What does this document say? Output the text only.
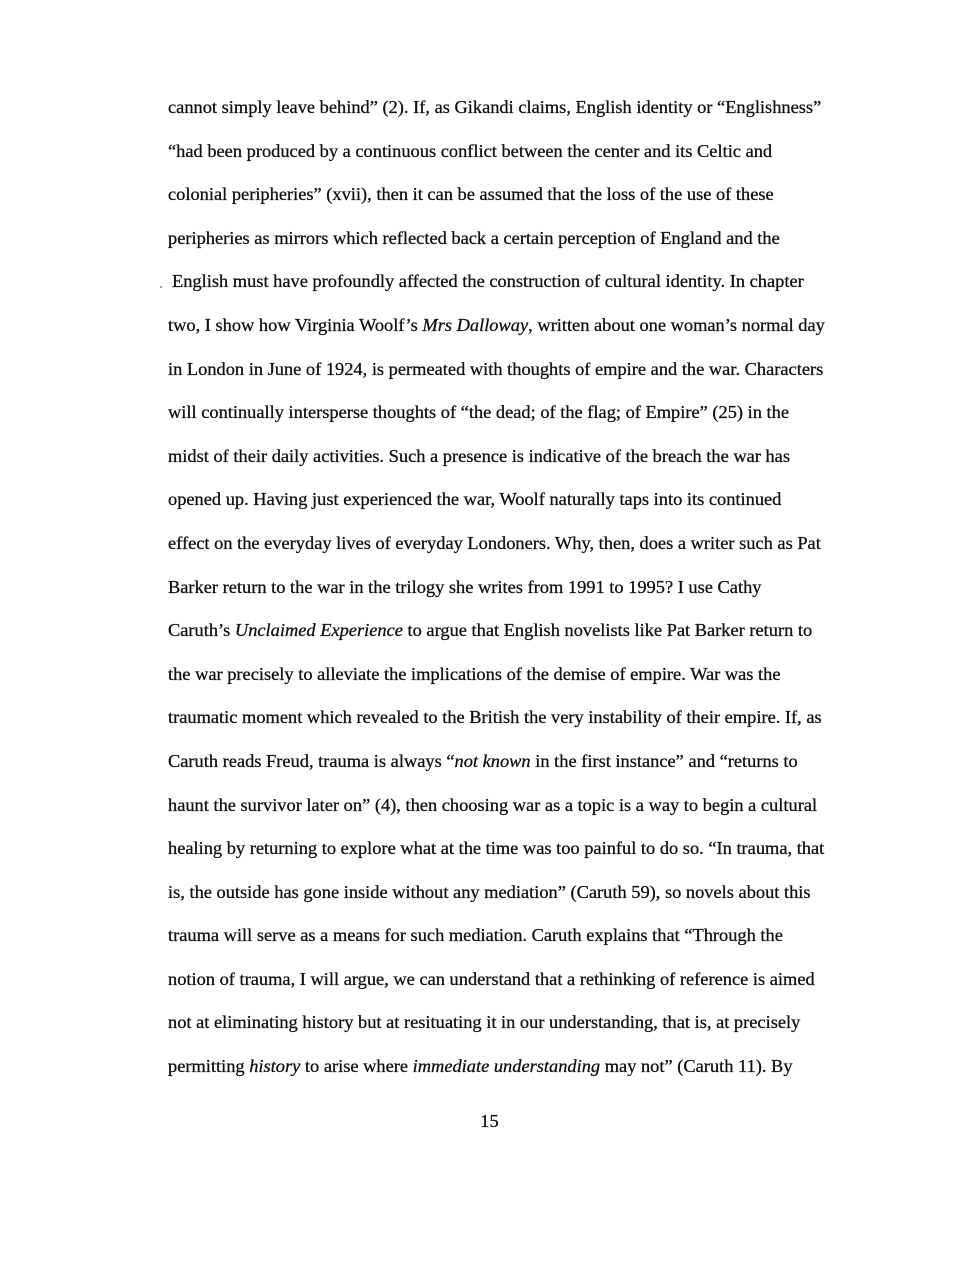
cannot simply leave behind” (2). If, as Gikandi claims, English identity or “Englishness”
“had been produced by a continuous conflict between the center and its Celtic and
colonial peripheries” (xvii), then it can be assumed that the loss of the use of these
peripheries as mirrors which reflected back a certain perception of England and the
English must have profoundly affected the construction of cultural identity. In chapter
two, I show how Virginia Woolf’s Mrs Dalloway, written about one woman’s normal day
in London in June of 1924, is permeated with thoughts of empire and the war. Characters
will continually intersperse thoughts of “the dead; of the flag; of Empire” (25) in the
midst of their daily activities. Such a presence is indicative of the breach the war has
opened up. Having just experienced the war, Woolf naturally taps into its continued
effect on the everyday lives of everyday Londoners. Why, then, does a writer such as Pat
Barker return to the war in the trilogy she writes from 1991 to 1995? I use Cathy
Caruth’s Unclaimed Experience to argue that English novelists like Pat Barker return to
the war precisely to alleviate the implications of the demise of empire. War was the
traumatic moment which revealed to the British the very instability of their empire. If, as
Caruth reads Freud, trauma is always “not known in the first instance” and “returns to
haunt the survivor later on” (4), then choosing war as a topic is a way to begin a cultural
healing by returning to explore what at the time was too painful to do so. “In trauma, that
is, the outside has gone inside without any mediation” (Caruth 59), so novels about this
trauma will serve as a means for such mediation. Caruth explains that “Through the
notion of trauma, I will argue, we can understand that a rethinking of reference is aimed
not at eliminating history but at resituating it in our understanding, that is, at precisely
permitting history to arise where immediate understanding may not” (Caruth 11). By
15
